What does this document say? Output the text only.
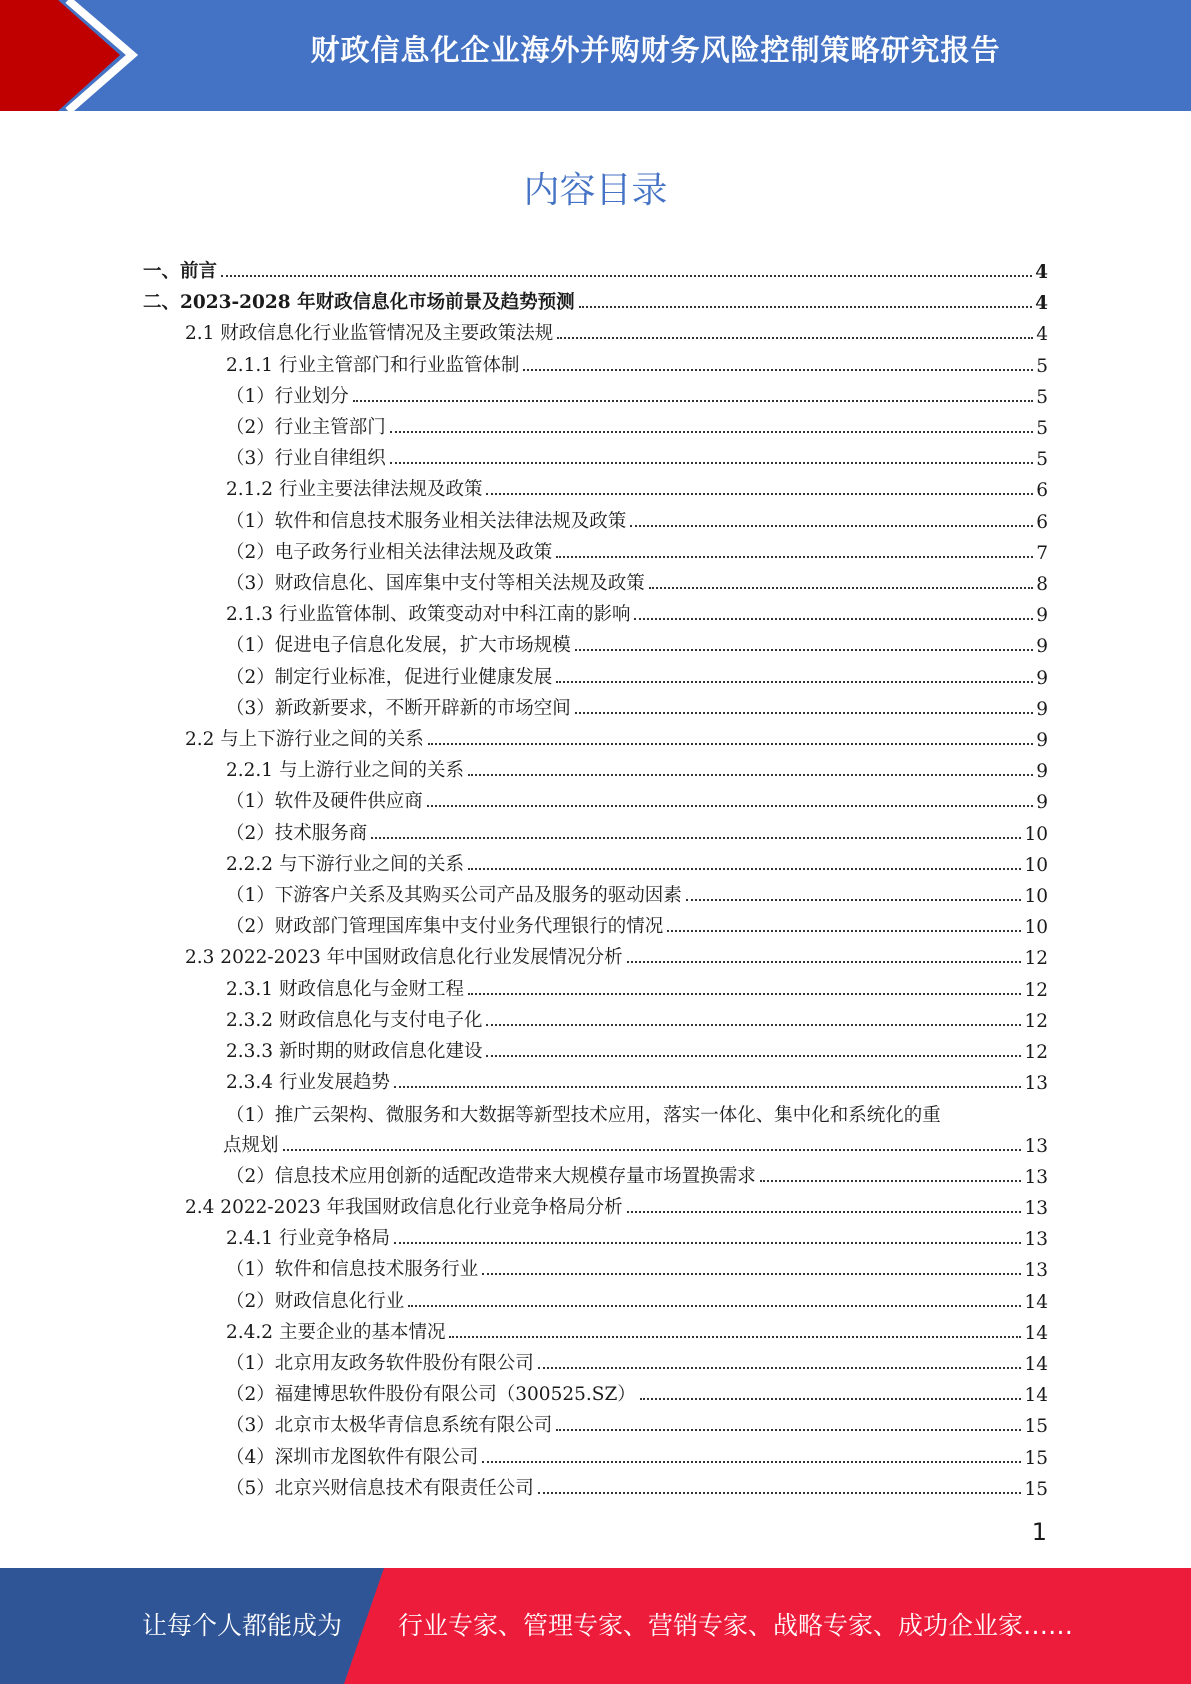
财政信息化企业海外并购财务风险控制策略研究报告
内容目录
一、前言	4
二、2023-2028 年财政信息化市场前景及趋势预测	4
2.1 财政信息化行业监管情况及主要政策法规	4
2.1.1 行业主管部门和行业监管体制	5
（1）行业划分	5
（2）行业主管部门	5
（3）行业自律组织	5
2.1.2 行业主要法律法规及政策	6
（1）软件和信息技术服务业相关法律法规及政策	6
（2）电子政务行业相关法律法规及政策	7
（3）财政信息化、国库集中支付等相关法规及政策	8
2.1.3 行业监管体制、政策变动对中科江南的影响	9
（1）促进电子信息化发展，扩大市场规模	9
（2）制定行业标准，促进行业健康发展	9
（3）新政新要求，不断开辟新的市场空间	9
2.2 与上下游行业之间的关系	9
2.2.1 与上游行业之间的关系	9
（1）软件及硬件供应商	9
（2）技术服务商	10
2.2.2 与下游行业之间的关系	10
（1）下游客户关系及其购买公司产品及服务的驱动因素	10
（2）财政部门管理国库集中支付业务代理银行的情况	10
2.3 2022-2023 年中国财政信息化行业发展情况分析	12
2.3.1 财政信息化与金财工程	12
2.3.2 财政信息化与支付电子化	12
2.3.3 新时期的财政信息化建设	12
2.3.4 行业发展趋势	13
（1）推广云架构、微服务和大数据等新型技术应用，落实一体化、集中化和系统化的重
点规划	13
（2）信息技术应用创新的适配改造带来大规模存量市场置换需求	13
2.4 2022-2023 年我国财政信息化行业竞争格局分析	13
2.4.1 行业竞争格局	13
（1）软件和信息技术服务行业	13
（2）财政信息化行业	14
2.4.2 主要企业的基本情况	14
（1）北京用友政务软件股份有限公司	14
（2）福建博思软件股份有限公司（300525.SZ）	14
（3）北京市太极华青信息系统有限公司	15
（4）深圳市龙图软件有限公司	15
（5）北京兴财信息技术有限责任公司	15
1
让每个人都能成为 行业专家、管理专家、营销专家、战略专家、成功企业家……
